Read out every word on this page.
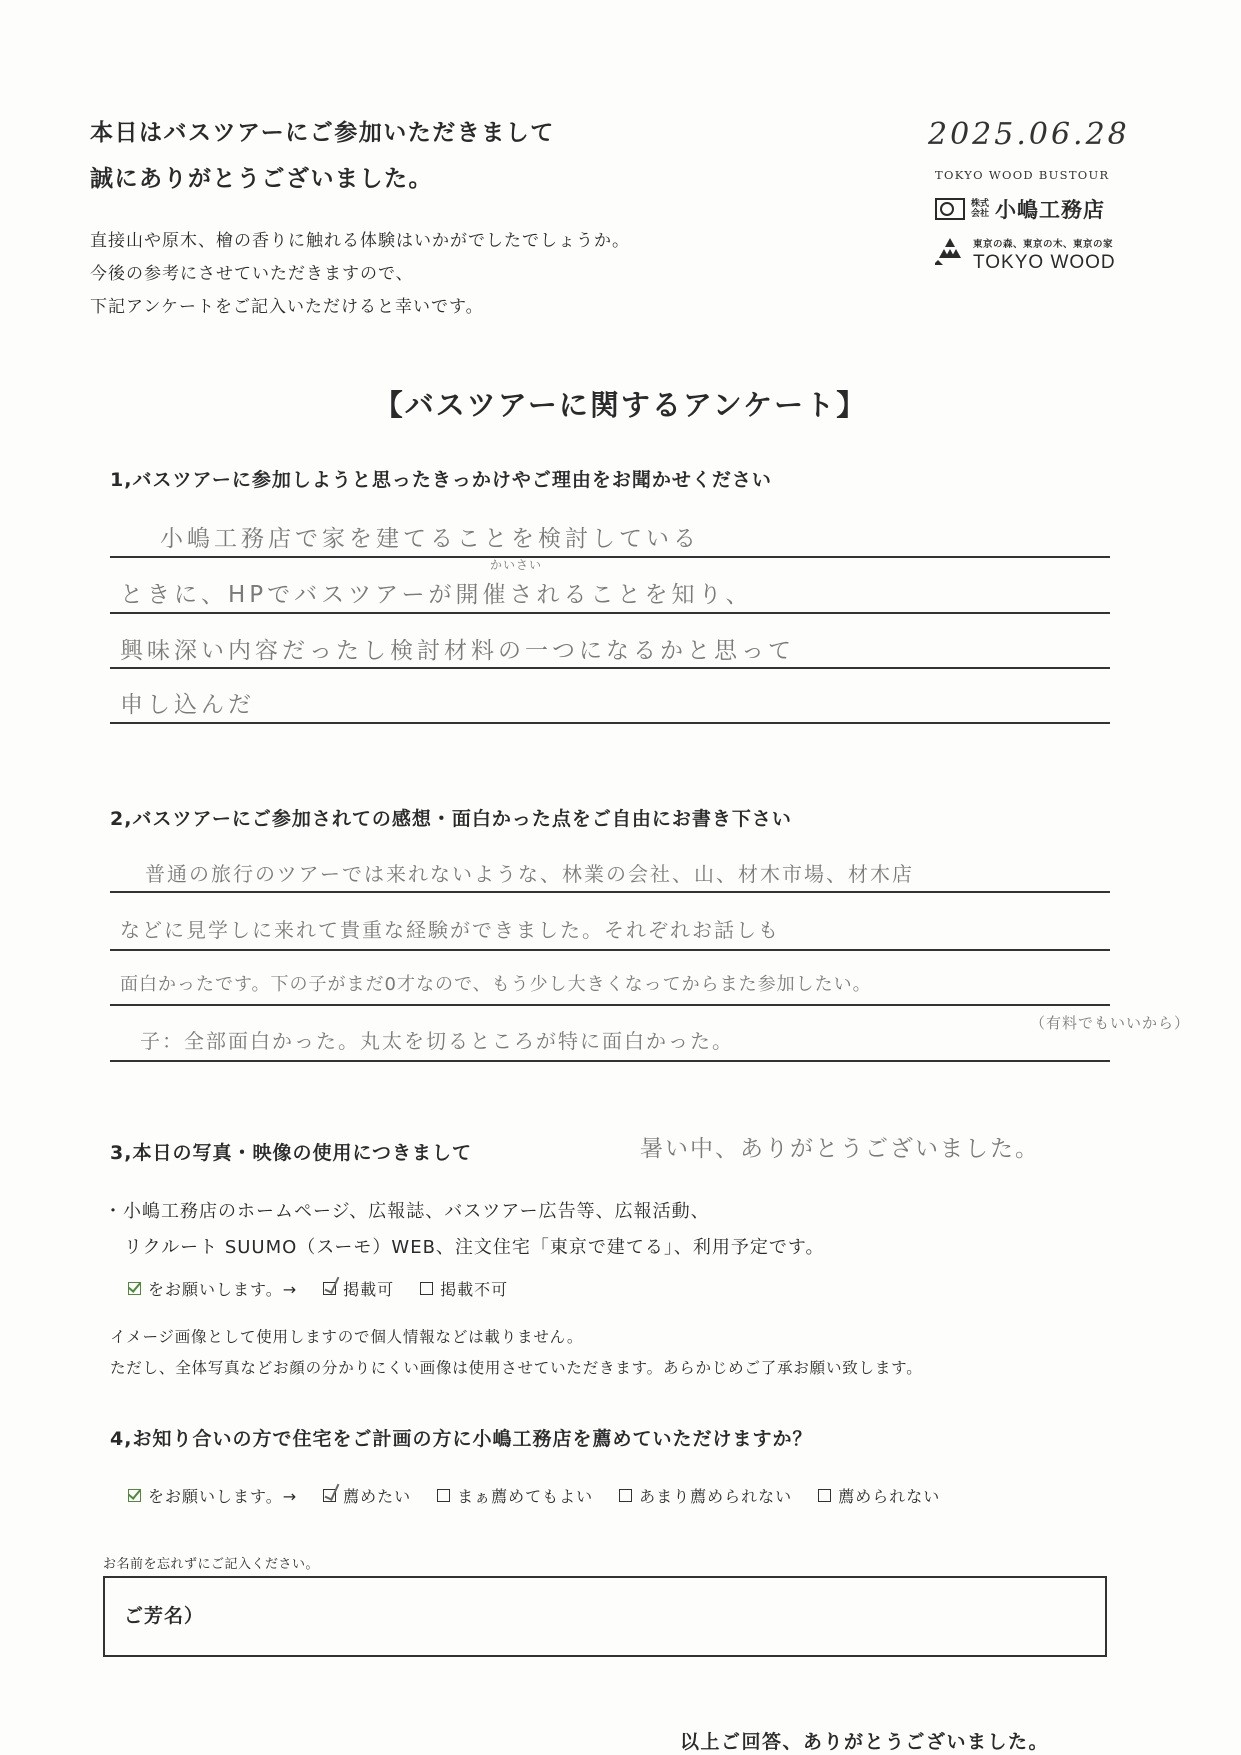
本日はバスツアーにご参加いただきまして
誠にありがとうございました。
直接山や原木、檜の香りに触れる体験はいかがでしたでしょうか。
今後の参考にさせていただきますので、
下記アンケートをご記入いただけると幸いです。
2025.06.28
TOKYO WOOD BUSTOUR
株式会社 小嶋工務店
東京の森、東京の木、東京の家
TOKYO WOOD
【バスツアーに関するアンケート】
1,バスツアーに参加しようと思ったきっかけやご理由をお聞かせください
小嶋工務店で家を建てることを検討している
かいさい
ときに、HPでバスツアーが開催されることを知り、
興味深い内容だったし検討材料の一つになるかと思って
申し込んだ
2,バスツアーにご参加されての感想・面白かった点をご自由にお書き下さい
普通の旅行のツアーでは来れないような、林業の会社、山、材木市場、材木店
などに見学しに来れて貴重な経験ができました。それぞれお話しも
面白かったです。下の子がまだ0才なので、もう少し大きくなってからまた参加したい。
子：全部面白かった。丸太を切るところが特に面白かった。
（有料でもいいから）
3,本日の写真・映像の使用につきまして	暑い中、ありがとうございました。
・小嶋工務店のホームページ、広報誌、バスツアー広告等、広報活動、
リクルート SUUMO（スーモ）WEB、注文住宅「東京で建てる」、利用予定です。
をお願いします。→	掲載可	掲載不可
イメージ画像として使用しますので個人情報などは載りません。
ただし、全体写真などお顔の分かりにくい画像は使用させていただきます。あらかじめご了承お願い致します。
4,お知り合いの方で住宅をご計画の方に小嶋工務店を薦めていただけますか？
をお願いします。→	薦めたい	まぁ薦めてもよい	あまり薦められない	薦められない
お名前を忘れずにご記入ください。
ご芳名）
以上ご回答、ありがとうございました。
